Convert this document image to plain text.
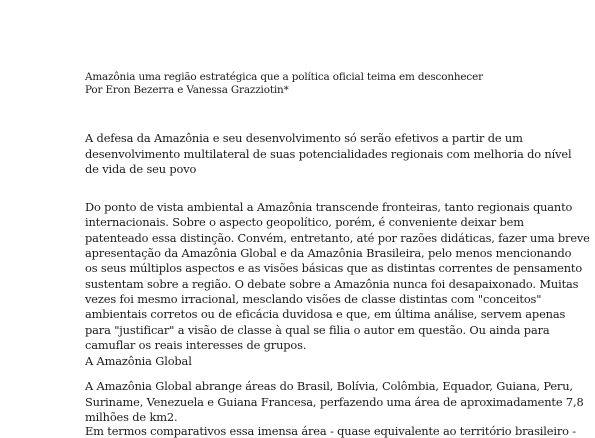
Amazônia uma região estratégica que a política oficial teima em desconhecer
Por Eron Bezerra e Vanessa Grazziotin*
A defesa da Amazônia e seu desenvolvimento só serão efetivos a partir de um
desenvolvimento multilateral de suas potencialidades regionais com melhoria do nível
de vida de seu povo
Do ponto de vista ambiental a Amazônia transcende fronteiras, tanto regionais quanto
internacionais. Sobre o aspecto geopolítico, porém, é conveniente deixar bem
patenteado essa distinção. Convém, entretanto, até por razões didáticas, fazer uma breve
apresentação da Amazônia Global e da Amazônia Brasileira, pelo menos mencionando
os seus múltiplos aspectos e as visões básicas que as distintas correntes de pensamento
sustentam sobre a região. O debate sobre a Amazônia nunca foi desapaixonado. Muitas
vezes foi mesmo irracional, mesclando visões de classe distintas com "conceitos"
ambientais corretos ou de eficácia duvidosa e que, em última análise, servem apenas
para "justificar" a visão de classe à qual se filia o autor em questão. Ou ainda para
camuflar os reais interesses de grupos.
A Amazônia Global
A Amazônia Global abrange áreas do Brasil, Bolívia, Colômbia, Equador, Guiana, Peru,
Suriname, Venezuela e Guiana Francesa, perfazendo uma área de aproximadamente 7,8
milhões de km2.
Em termos comparativos essa imensa área - quase equivalente ao território brasileiro -
